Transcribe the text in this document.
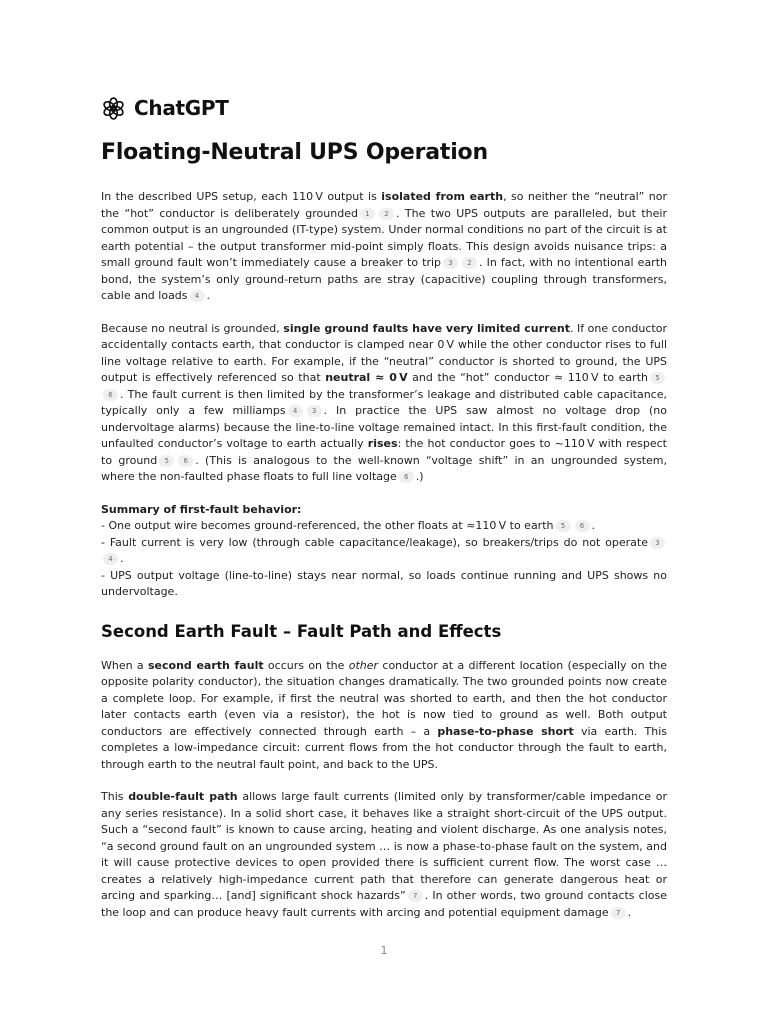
ChatGPT
Floating-Neutral UPS Operation

In the described UPS setup, each 110 V output is isolated from earth, so neither the “neutral” nor the “hot” conductor is deliberately grounded 1 2 . The two UPS outputs are paralleled, but their common output is an ungrounded (IT-type) system. Under normal conditions no part of the circuit is at earth potential – the output transformer mid-point simply floats. This design avoids nuisance trips: a small ground fault won’t immediately cause a breaker to trip 3 2 . In fact, with no intentional earth bond, the system’s only ground-return paths are stray (capacitive) coupling through transformers, cable and loads 4 .

Because no neutral is grounded, single ground faults have very limited current. If one conductor accidentally contacts earth, that conductor is clamped near 0 V while the other conductor rises to full line voltage relative to earth. For example, if the “neutral” conductor is shorted to ground, the UPS output is effectively referenced so that neutral ≈ 0 V and the “hot” conductor ≈ 110 V to earth 56 . The fault current is then limited by the transformer’s leakage and distributed cable capacitance, typically only a few milliamps 4 3 . In practice the UPS saw almost no voltage drop (no undervoltage alarms) because the line-to-line voltage remained intact. In this first-fault condition, the unfaulted conductor’s voltage to earth actually rises: the hot conductor goes to ~110 V with respect to ground 5 6 . (This is analogous to the well-known “voltage shift” in an ungrounded system, where the non-faulted phase floats to full line voltage 6 .)

Summary of first-fault behavior:
- One output wire becomes ground-referenced, the other floats at ≈110 V to earth 5 6 .
- Fault current is very low (through cable capacitance/leakage), so breakers/trips do not operate 34 .
- UPS output voltage (line-to-line) stays near normal, so loads continue running and UPS shows no undervoltage.
Second Earth Fault – Fault Path and Effects

When a second earth fault occurs on the other conductor at a different location (especially on the opposite polarity conductor), the situation changes dramatically. The two grounded points now create a complete loop. For example, if first the neutral was shorted to earth, and then the hot conductor later contacts earth (even via a resistor), the hot is now tied to ground as well. Both output conductors are effectively connected through earth – a phase-to-phase short via earth. This completes a low-impedance circuit: current flows from the hot conductor through the fault to earth, through earth to the neutral fault point, and back to the UPS.

This double-fault path allows large fault currents (limited only by transformer/cable impedance or any series resistance). In a solid short case, it behaves like a straight short-circuit of the UPS output. Such a “second fault” is known to cause arcing, heating and violent discharge. As one analysis notes, “a second ground fault on an ungrounded system … is now a phase-to-phase fault on the system, and it will cause protective devices to open provided there is sufficient current flow. The worst case … creates a relatively high-impedance current path that therefore can generate dangerous heat or arcing and sparking… [and] significant shock hazards” 7 . In other words, two ground contacts close the loop and can produce heavy fault currents with arcing and potential equipment damage 7 .

1
